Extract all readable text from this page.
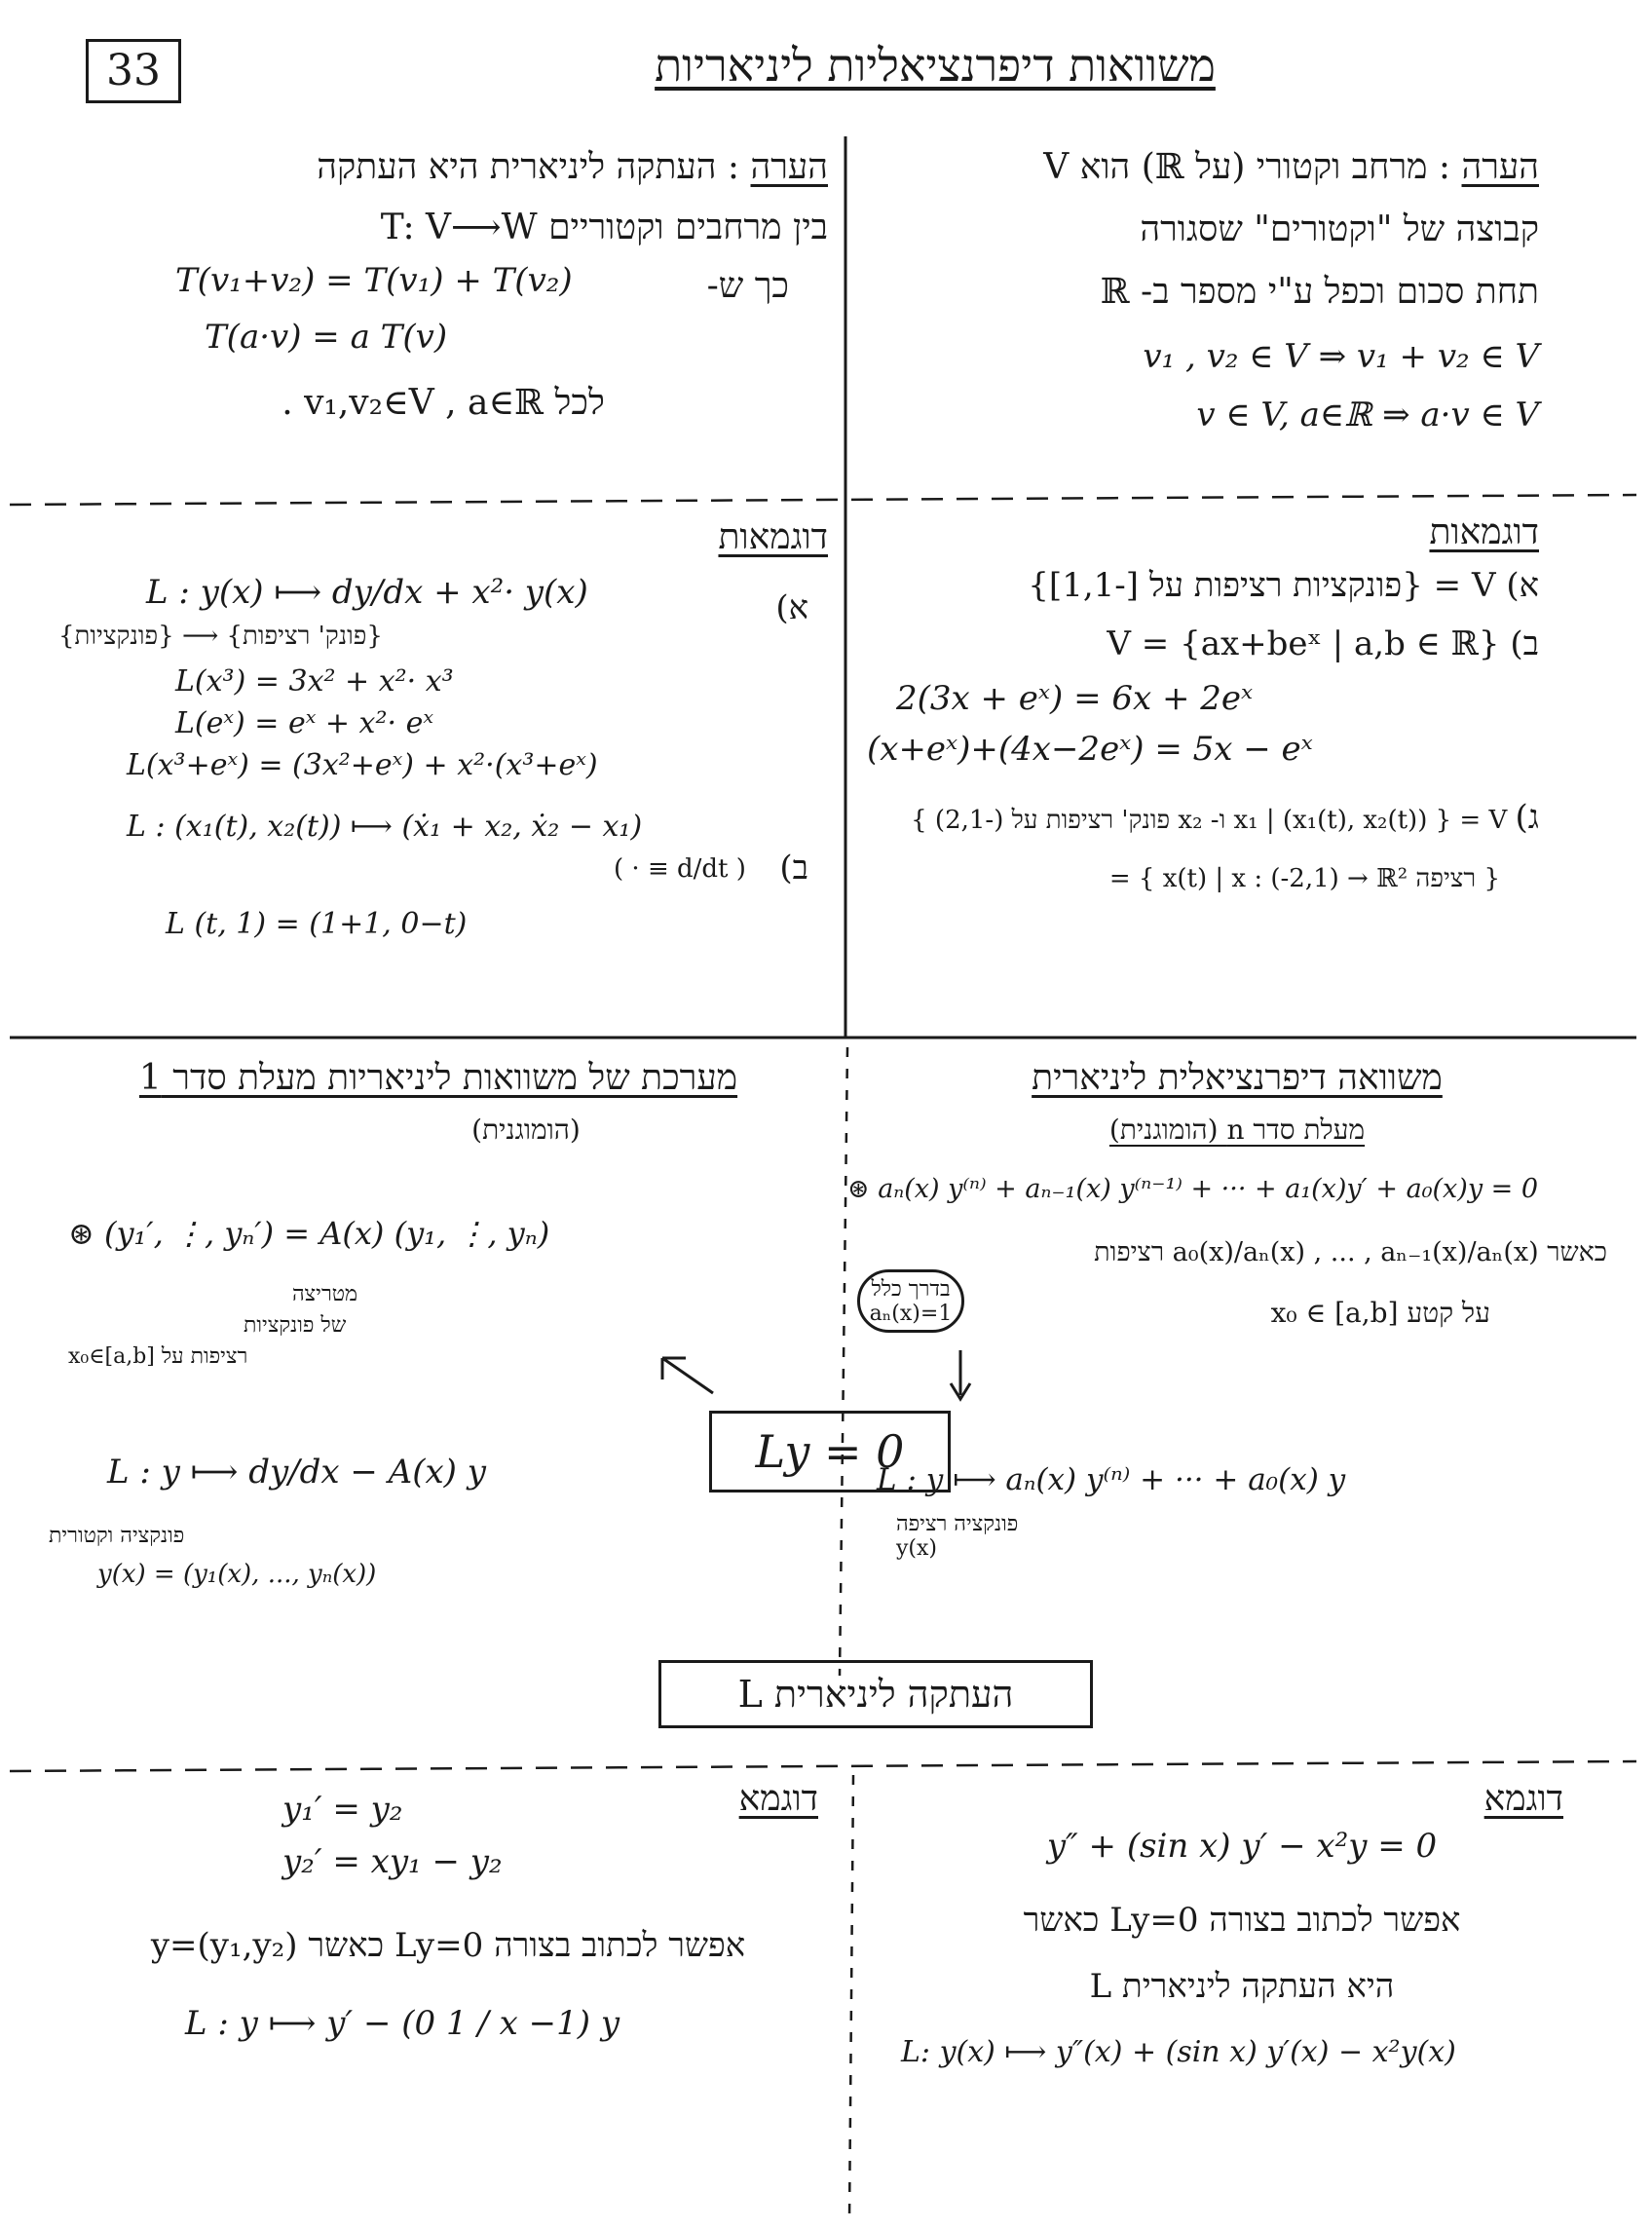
33	משוואות דיפרנציאליות ליניאריות
הערה : מרחב וקטורי (על ℝ) הוא V
קבוצה של "וקטורים" שסגורה
תחת סכום וכפל ע"י מספר ב- ℝ
v₁ , v₂ ∈ V ⇒ v₁ + v₂ ∈ V
v ∈ V, a∈ℝ ⇒ a·v ∈ V
הערה : העתקה ליניארית היא העתקה
T: V⟶W בין מרחבים וקטוריים
T(v₁+v₂) = T(v₁) + T(v₂)
T(a·v) = a T(v)
כך ש-
לכל v₁,v₂∈V , a∈ℝ .
דוגמאות
א) V = {פונקציות רציפות על [-1,1]}
ב) V = {ax+beˣ | a,b ∈ ℝ}
2(3x + eˣ) = 6x + 2eˣ
(x+eˣ)+(4x−2eˣ) = 5x − eˣ
ג) V = { (x₁(t), x₂(t)) | x₁ ו- x₂ פונק' רציפות על (-2,1) }
= { x(t) | x : (-2,1) → ℝ² רציפה }
דוגמאות
א)
L : y(x) ⟼ dy/dx + x²· y(x)
{פונק' רציפות} ⟶ {פונקציות}
L(x³) = 3x² + x²· x³
L(eˣ) = eˣ + x²· eˣ
L(x³+eˣ) = (3x²+eˣ) + x²·(x³+eˣ)
L : (x₁(t), x₂(t)) ⟼ (ẋ₁ + x₂, ẋ₂ − x₁)
( · ≡ d/dt ) ב)
L (t, 1) = (1+1, 0−t)
משוואה דיפרנציאלית ליניארית
מעלת סדר n (הומוגנית)
⊛ aₙ(x) y⁽ⁿ⁾ + aₙ₋₁(x) y⁽ⁿ⁻¹⁾ + ··· + a₁(x)y′ + a₀(x)y = 0
כאשר a₀(x)/aₙ(x) , ... , aₙ₋₁(x)/aₙ(x) רציפות
בדרך כלל aₙ(x)=1	על קטע x₀ ∈ [a,b]
L : y ⟼ aₙ(x) y⁽ⁿ⁾ + ··· + a₀(x) y
פונקציה רציפה y(x)
מערכת של משוואות ליניאריות מעלת סדר 1
(הומוגנית)
⊛ (y₁′, ⋮, yₙ′) = A(x) (y₁, ⋮, yₙ)
מטריצה
של פונקציות
רציפות על x₀∈[a,b]
L : y ⟼ dy/dx − A(x) y
פונקציה וקטורית
y(x) = (y₁(x), ..., yₙ(x))
Ly = 0
L העתקה ליניארית
דוגמא
y″ + (sin x) y′ − x²y = 0
אפשר לכתוב בצורה Ly=0 כאשר
L היא העתקה ליניארית
L: y(x) ⟼ y″(x) + (sin x) y′(x) − x²y(x)
דוגמא
y₁′ = y₂
y₂′ = xy₁ − y₂
אפשר לכתוב בצורה Ly=0 כאשר y=(y₁,y₂)
L : y ⟼ y′ − (0 1 / x −1) y
